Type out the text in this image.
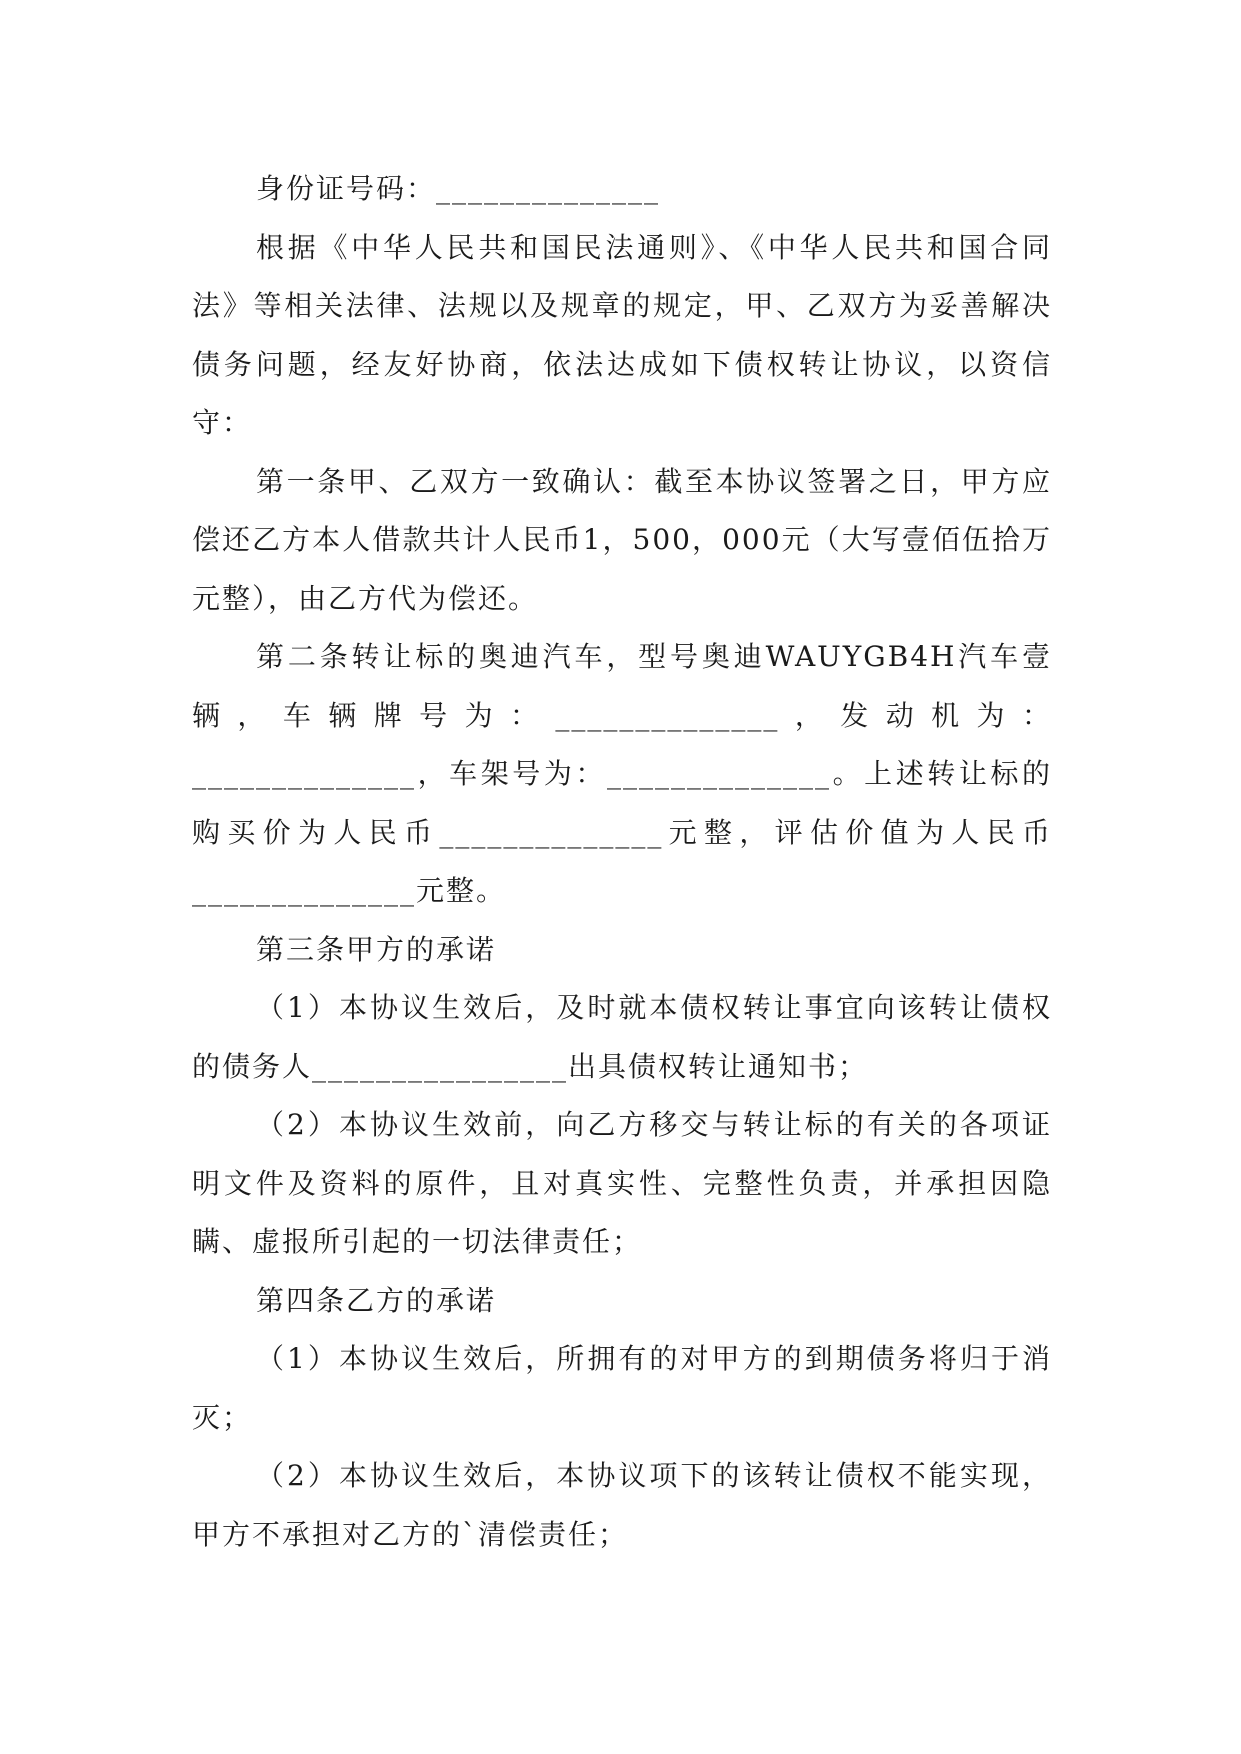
身份证号码：______________

根据《中华人民共和国民法通则》、《中华人民共和国合同法》等相关法律、法规以及规章的规定，甲、乙双方为妥善解决债务问题，经友好协商，依法达成如下债权转让协议，以资信守：

第一条甲、乙双方一致确认：截至本协议签署之日，甲方应偿还乙方本人借款共计人民币1，500，000元（大写壹佰伍拾万元整），由乙方代为偿还。

第二条转让标的奥迪汽车，型号奥迪WAUYGB4H汽车壹辆，车辆牌号为：______________，发动机为：______________，车架号为：______________。上述转让标的购买价为人民币______________元整，评估价值为人民币______________元整。

第三条甲方的承诺

（1）本协议生效后，及时就本债权转让事宜向该转让债权的债务人________________出具债权转让通知书；

（2）本协议生效前，向乙方移交与转让标的有关的各项证明文件及资料的原件，且对真实性、完整性负责，并承担因隐瞒、虚报所引起的一切法律责任；

第四条乙方的承诺

（1）本协议生效后，所拥有的对甲方的到期债务将归于消灭；

（2）本协议生效后，本协议项下的该转让债权不能实现，甲方不承担对乙方的`清偿责任；
